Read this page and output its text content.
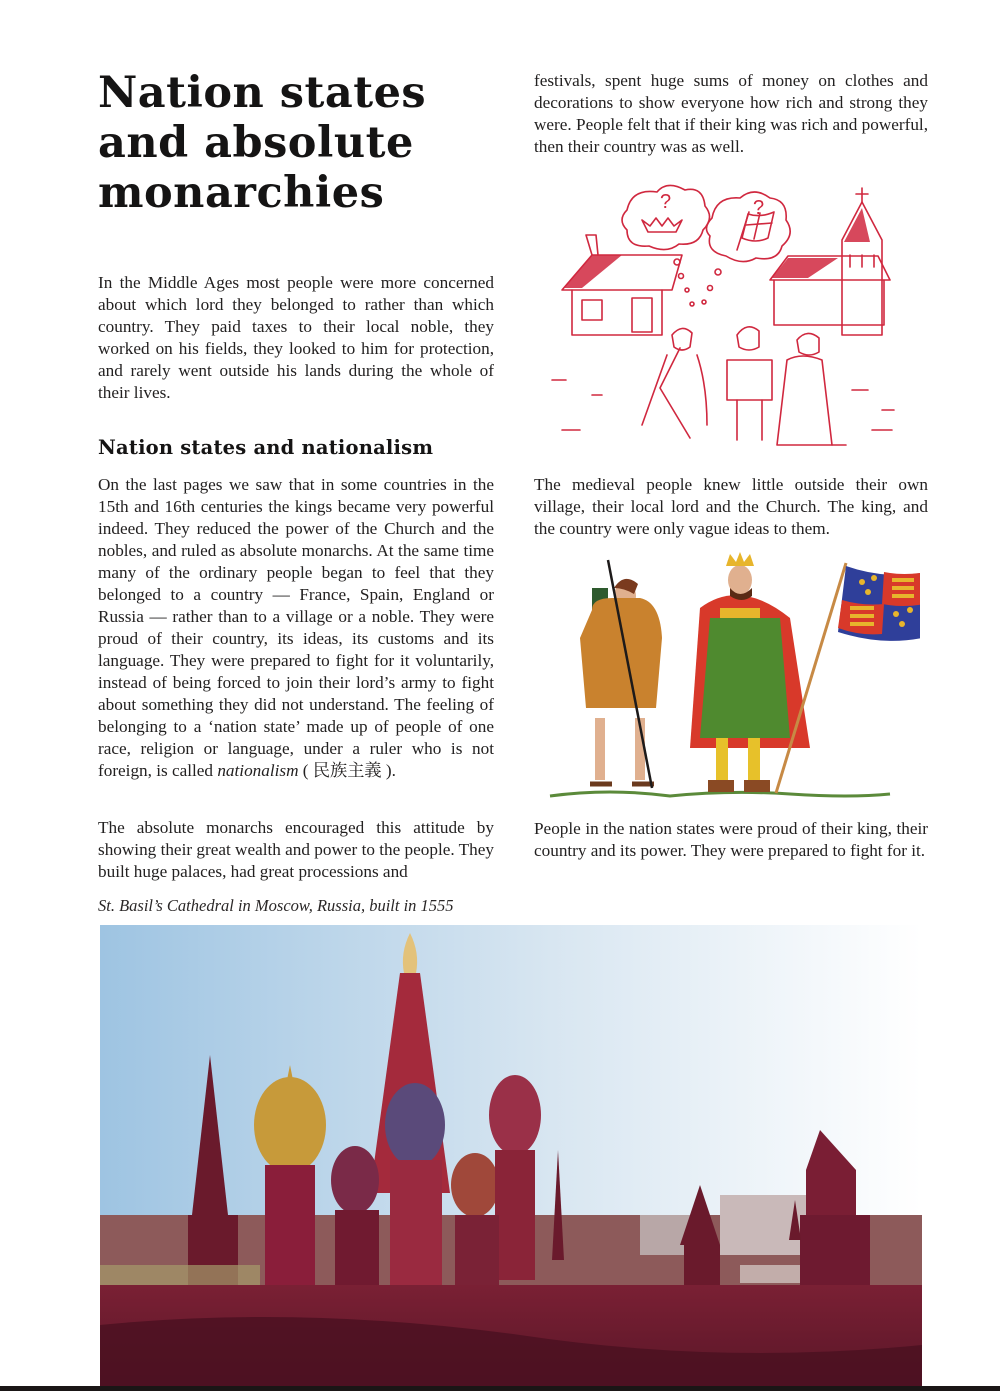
Nation states
and absolute
monarchies

In the Middle Ages most people were more concerned about which lord they belonged to rather than which country. They paid taxes to their local noble, they worked on his fields, they looked to him for protection, and rarely went outside his lands during the whole of their lives.

Nation states and nationalism

On the last pages we saw that in some countries in the 15th and 16th centuries the kings became very powerful indeed. They reduced the power of the Church and the nobles, and ruled as absolute monarchs. At the same time many of the ordinary people began to feel that they belonged to a country — France, Spain, England or Russia — rather than to a village or a noble. They were proud of their country, its ideas, its customs and its language. They were prepared to fight for it voluntarily, instead of being forced to join their lord’s army to fight about something they did not understand. The feeling of belonging to a ‘nation state’ made up of people of one race, religion or language, under a ruler who is not foreign, is called nationalism ( 民族主義 ).

The absolute monarchs encouraged this attitude by showing their great wealth and power to the people. They built huge palaces, had great processions and

St. Basil’s Cathedral in Moscow, Russia, built in 1555

festivals, spent huge sums of money on clothes and decorations to show everyone how rich and strong they were. People felt that if their king was rich and powerful, then their country was as well.

?	?

The medieval people knew little outside their own village, their local lord and the Church. The king, and the country were only vague ideas to them.

People in the nation states were proud of their king, their country and its power. They were prepared to fight for it.
